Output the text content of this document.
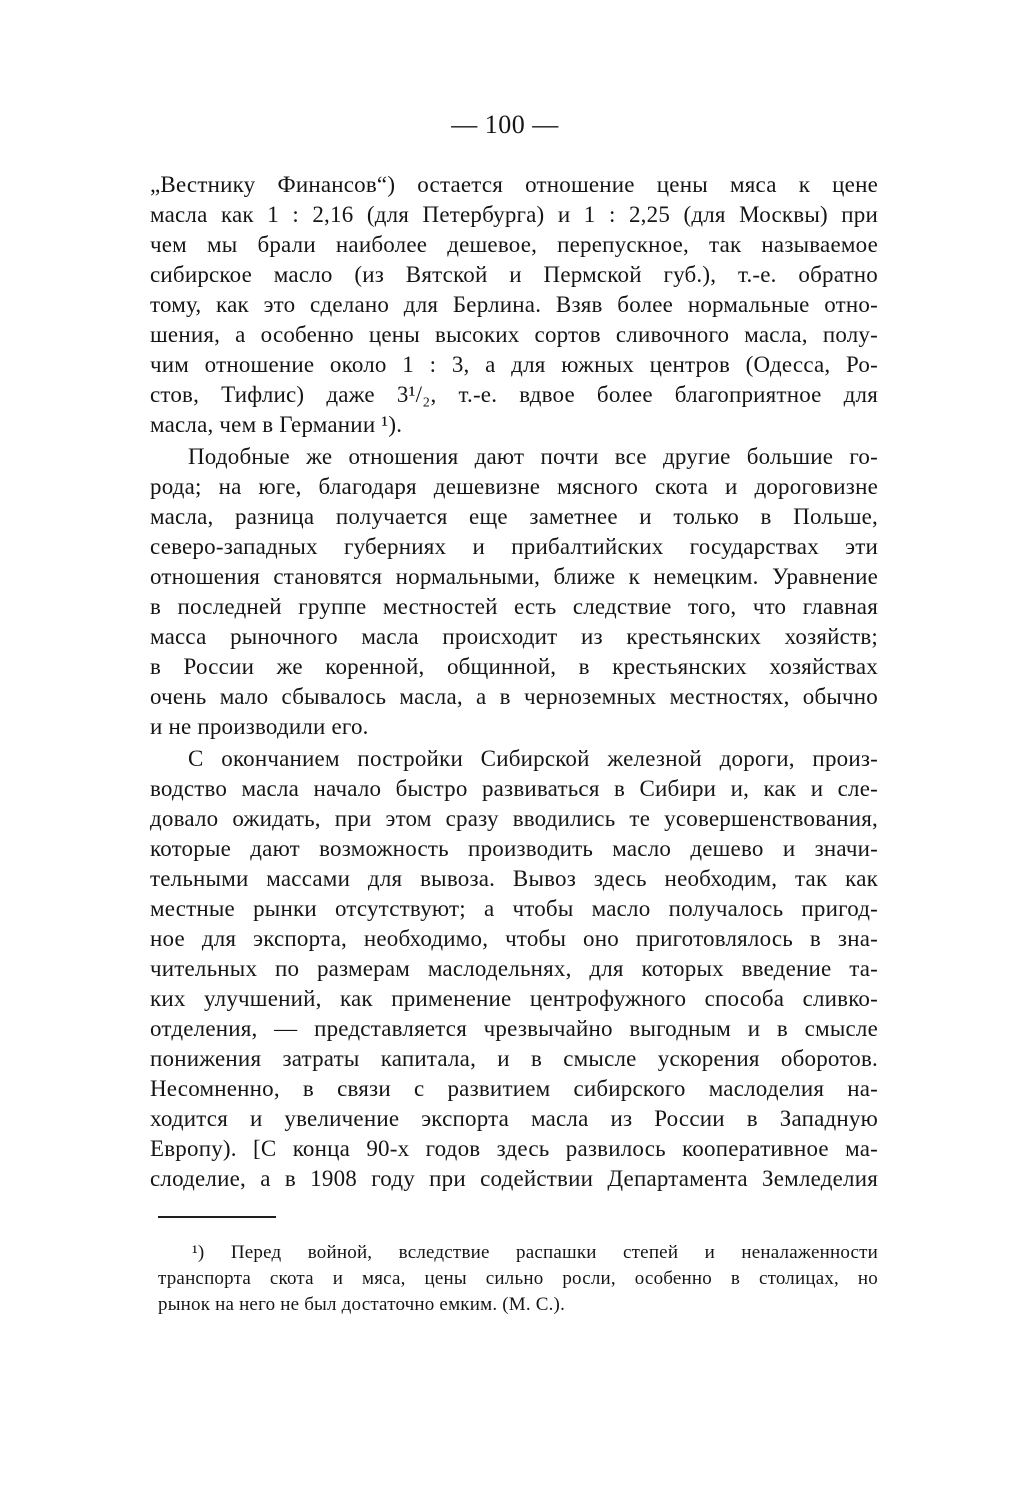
— 100 —
„Вестнику Финансов“) остается отношение цены мяса к цене
масла как 1 : 2,16 (для Петербурга) и 1 : 2,25 (для Москвы) при
чем мы брали наиболее дешевое, перепускное, так называемое
сибирское масло (из Вятской и Пермской губ.), т.-е. обратно
тому, как это сделано для Берлина. Взяв более нормальные отно-
шения, а особенно цены высоких сортов сливочного масла, полу-
чим отношение около 1 : 3, а для южных центров (Одесса, Ро-
стов, Тифлис) даже 3¹/₂, т.-е. вдвое более благоприятное для
масла, чем в Германии ¹).
Подобные же отношения дают почти все другие большие го-
рода; на юге, благодаря дешевизне мясного скота и дороговизне
масла, разница получается еще заметнее и только в Польше,
северо-западных губерниях и прибалтийских государствах эти
отношения становятся нормальными, ближе к немецким. Уравнение
в последней группе местностей есть следствие того, что главная
масса рыночного масла происходит из крестьянских хозяйств;
в России же коренной, общинной, в крестьянских хозяйствах
очень мало сбывалось масла, а в черноземных местностях, обычно
и не производили его.
С окончанием постройки Сибирской железной дороги, произ-
водство масла начало быстро развиваться в Сибири и, как и сле-
довало ожидать, при этом сразу вводились те усовершенствования,
которые дают возможность производить масло дешево и значи-
тельными массами для вывоза. Вывоз здесь необходим, так как
местные рынки отсутствуют; а чтобы масло получалось пригод-
ное для экспорта, необходимо, чтобы оно приготовлялось в зна-
чительных по размерам маслодельнях, для которых введение та-
ких улучшений, как применение центрофужного способа сливко-
отделения, — представляется чрезвычайно выгодным и в смысле
понижения затраты капитала, и в смысле ускорения оборотов.
Несомненно, в связи с развитием сибирского маслоделия на-
ходится и увеличение экспорта масла из России в Западную
Европу). [С конца 90-х годов здесь развилось кооперативное ма-
слоделие, а в 1908 году при содействии Департамента Земледелия
¹) Перед войной, вследствие распашки степей и неналаженности
транспорта скота и мяса, цены сильно росли, особенно в столицах, но
рынок на него не был достаточно емким. (М. С.).
